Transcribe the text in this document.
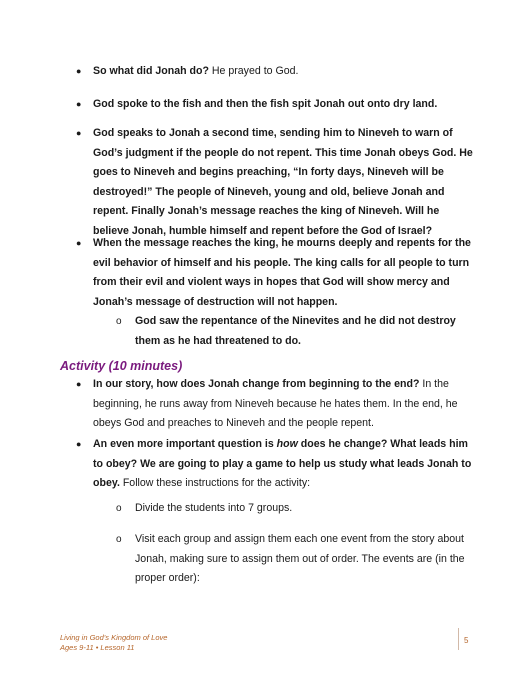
● So what did Jonah do? He prayed to God.
● God spoke to the fish and then the fish spit Jonah out onto dry land.
● God speaks to Jonah a second time, sending him to Nineveh to warn of God’s judgment if the people do not repent. This time Jonah obeys God. He goes to Nineveh and begins preaching, “In forty days, Nineveh will be destroyed!” The people of Nineveh, young and old, believe Jonah and repent. Finally Jonah’s message reaches the king of Nineveh. Will he believe Jonah, humble himself and repent before the God of Israel?
● When the message reaches the king, he mourns deeply and repents for the evil behavior of himself and his people. The king calls for all people to turn from their evil and violent ways in hopes that God will show mercy and Jonah’s message of destruction will not happen.
o God saw the repentance of the Ninevites and he did not destroy them as he had threatened to do.
Activity (10 minutes)
● In our story, how does Jonah change from beginning to the end? In the beginning, he runs away from Nineveh because he hates them. In the end, he obeys God and preaches to Nineveh and the people repent.
● An even more important question is how does he change? What leads him to obey? We are going to play a game to help us study what leads Jonah to obey. Follow these instructions for the activity:
o Divide the students into 7 groups.
o Visit each group and assign them each one event from the story about Jonah, making sure to assign them out of order. The events are (in the proper order):
Living in God’s Kingdom of Love
Ages 9-11 • Lesson 11
5
